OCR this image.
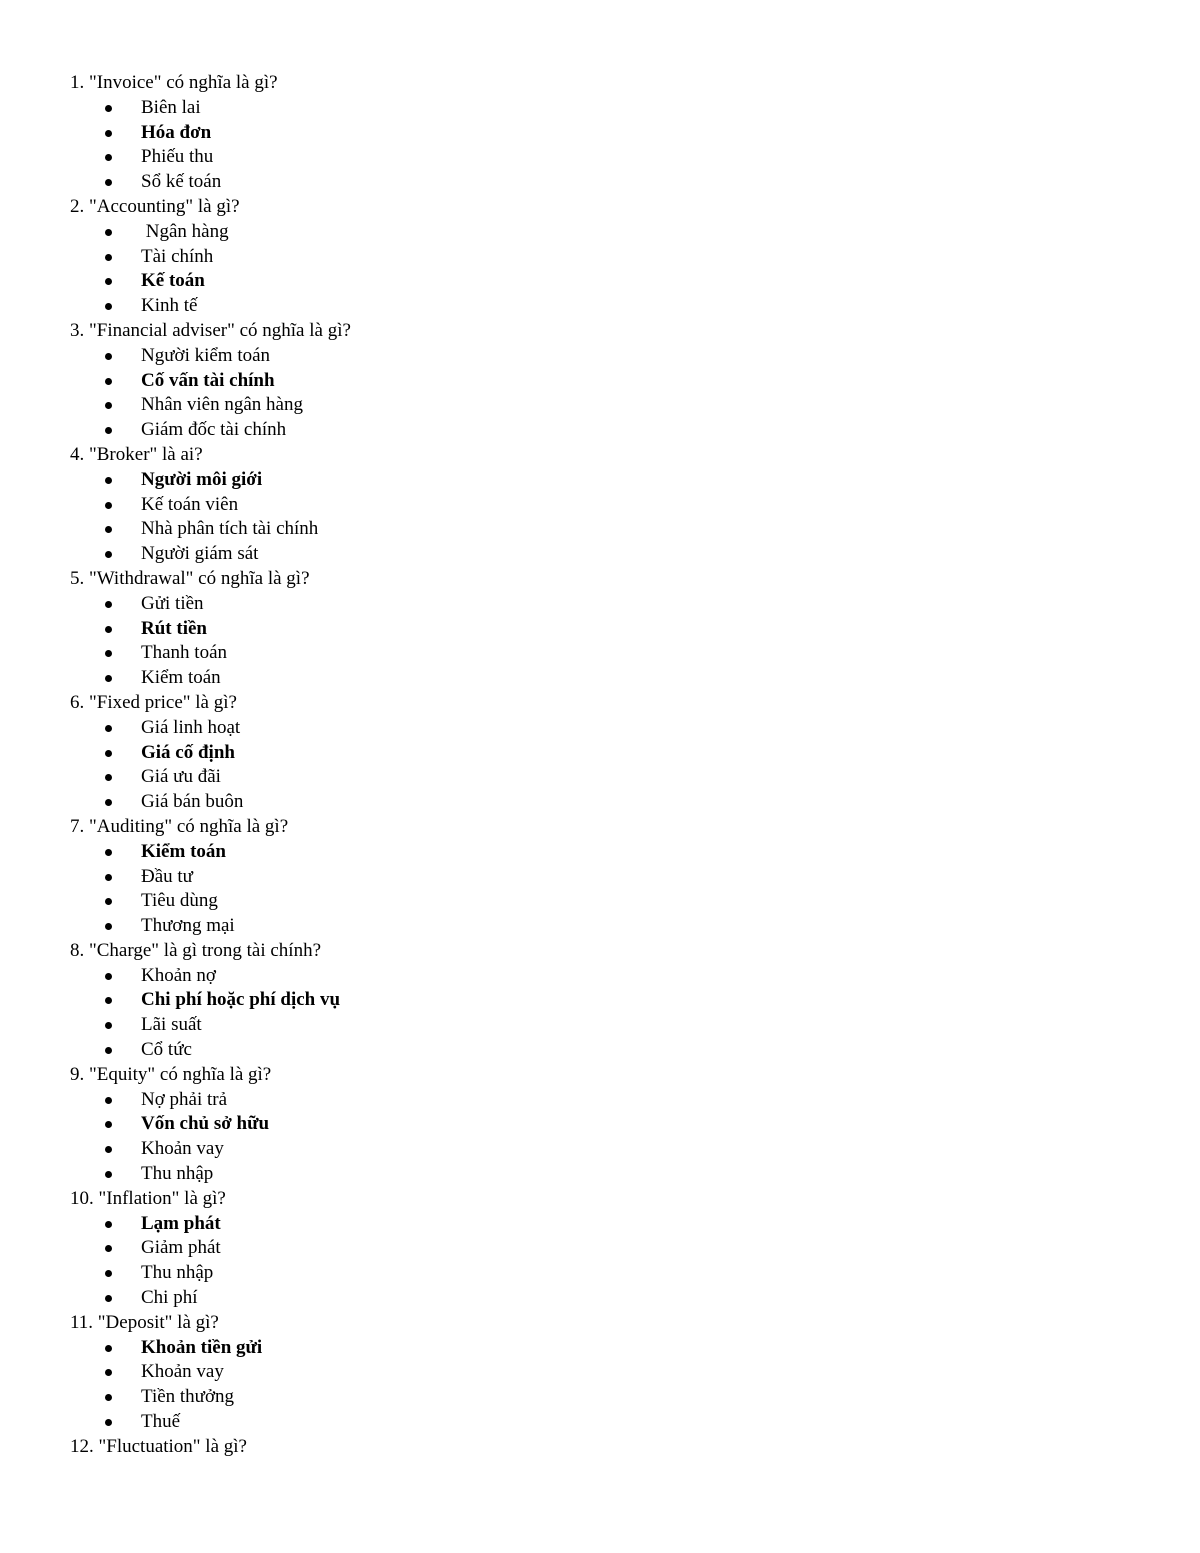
1. "Invoice" có nghĩa là gì?
Biên lai
Hóa đơn
Phiếu thu
Sổ kế toán
2. "Accounting" là gì?
Ngân hàng
Tài chính
Kế toán
Kinh tế
3. "Financial adviser" có nghĩa là gì?
Người kiểm toán
Cố vấn tài chính
Nhân viên ngân hàng
Giám đốc tài chính
4. "Broker" là ai?
Người môi giới
Kế toán viên
Nhà phân tích tài chính
Người giám sát
5. "Withdrawal" có nghĩa là gì?
Gửi tiền
Rút tiền
Thanh toán
Kiểm toán
6. "Fixed price" là gì?
Giá linh hoạt
Giá cố định
Giá ưu đãi
Giá bán buôn
7. "Auditing" có nghĩa là gì?
Kiểm toán
Đầu tư
Tiêu dùng
Thương mại
8. "Charge" là gì trong tài chính?
Khoản nợ
Chi phí hoặc phí dịch vụ
Lãi suất
Cổ tức
9. "Equity" có nghĩa là gì?
Nợ phải trả
Vốn chủ sở hữu
Khoản vay
Thu nhập
10. "Inflation" là gì?
Lạm phát
Giảm phát
Thu nhập
Chi phí
11. "Deposit" là gì?
Khoản tiền gửi
Khoản vay
Tiền thưởng
Thuế
12. "Fluctuation" là gì?
